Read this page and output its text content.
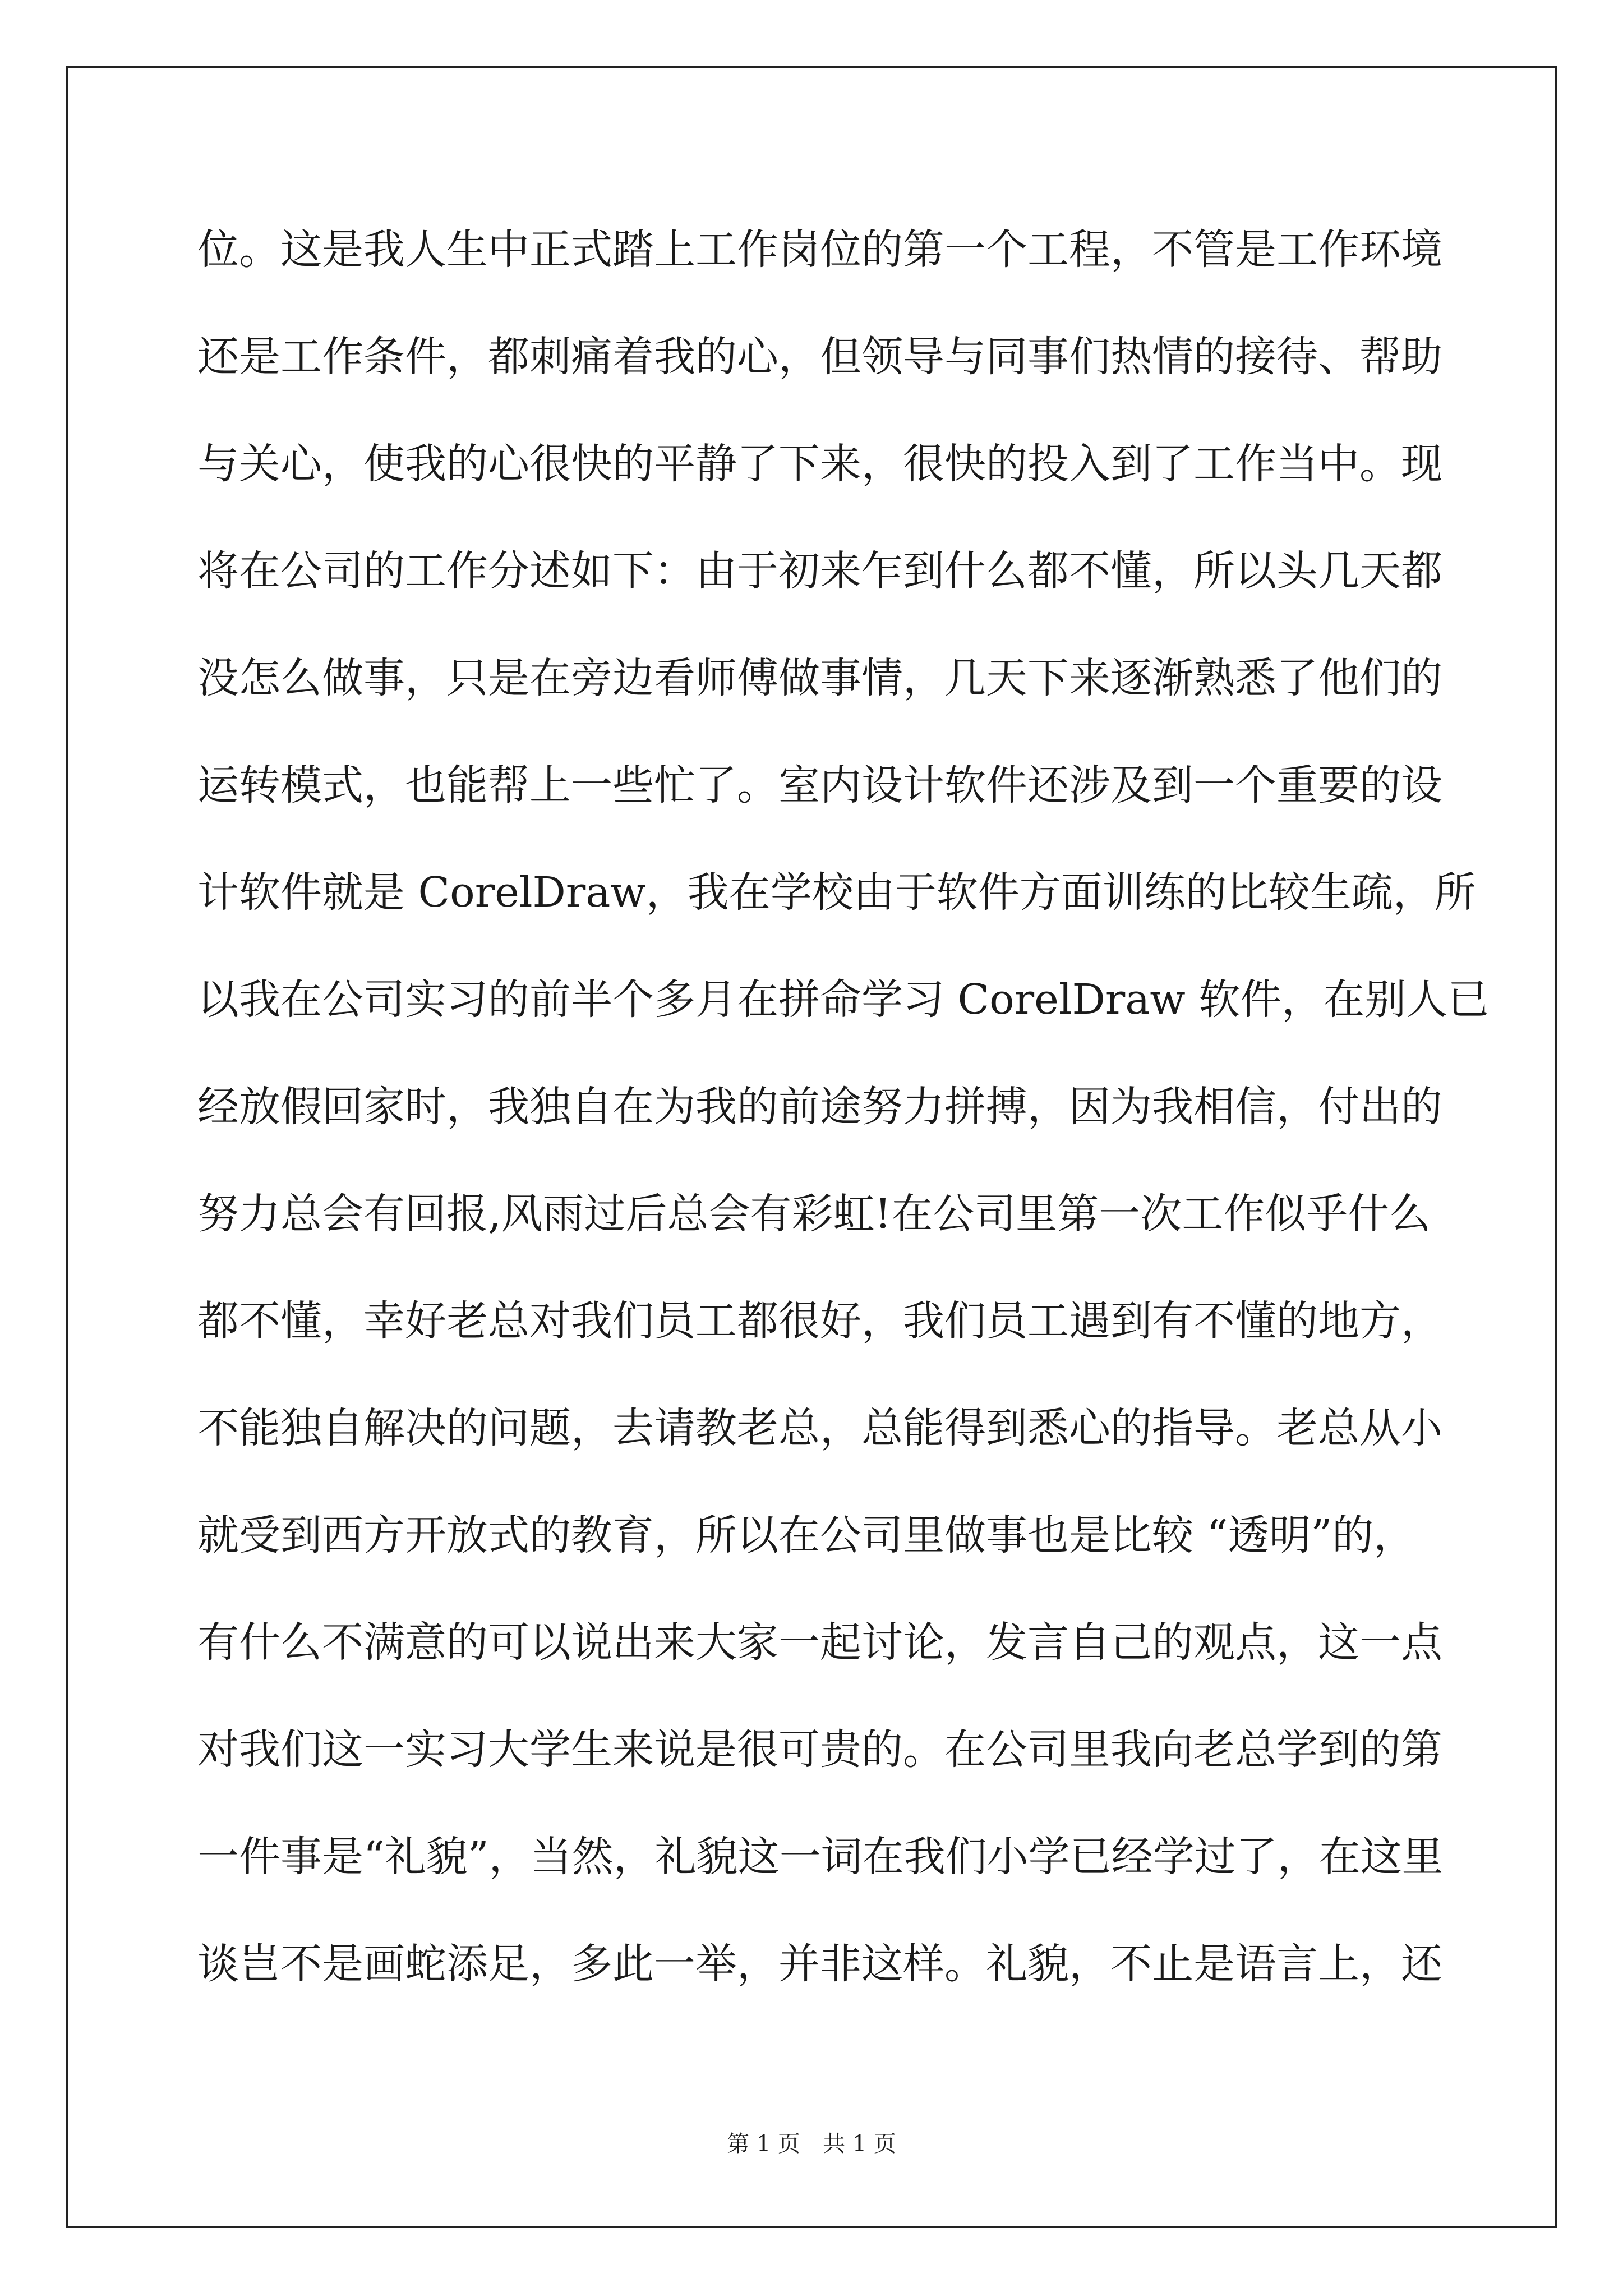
位。这是我人生中正式踏上工作岗位的第一个工程，不管是工作环境
还是工作条件，都刺痛着我的心，但领导与同事们热情的接待、帮助
与关心，使我的心很快的平静了下来，很快的投入到了工作当中。现
将在公司的工作分述如下：由于初来乍到什么都不懂，所以头几天都
没怎么做事，只是在旁边看师傅做事情，几天下来逐渐熟悉了他们的
运转模式，也能帮上一些忙了。室内设计软件还涉及到一个重要的设
计软件就是 CorelDraw，我在学校由于软件方面训练的比较生疏，所
以我在公司实习的前半个多月在拼命学习 CorelDraw 软件，在别人已
经放假回家时，我独自在为我的前途努力拼搏，因为我相信，付出的
努力总会有回报,风雨过后总会有彩虹!在公司里第一次工作似乎什么
都不懂，幸好老总对我们员工都很好，我们员工遇到有不懂的地方，
不能独自解决的问题，去请教老总，总能得到悉心的指导。老总从小
就受到西方开放式的教育，所以在公司里做事也是比较 “透明”的，
有什么不满意的可以说出来大家一起讨论，发言自己的观点，这一点
对我们这一实习大学生来说是很可贵的。在公司里我向老总学到的第
一件事是“礼貌”，当然，礼貌这一词在我们小学已经学过了，在这里
谈岂不是画蛇添足，多此一举，并非这样。礼貌，不止是语言上，还
第 1 页　共 1 页
